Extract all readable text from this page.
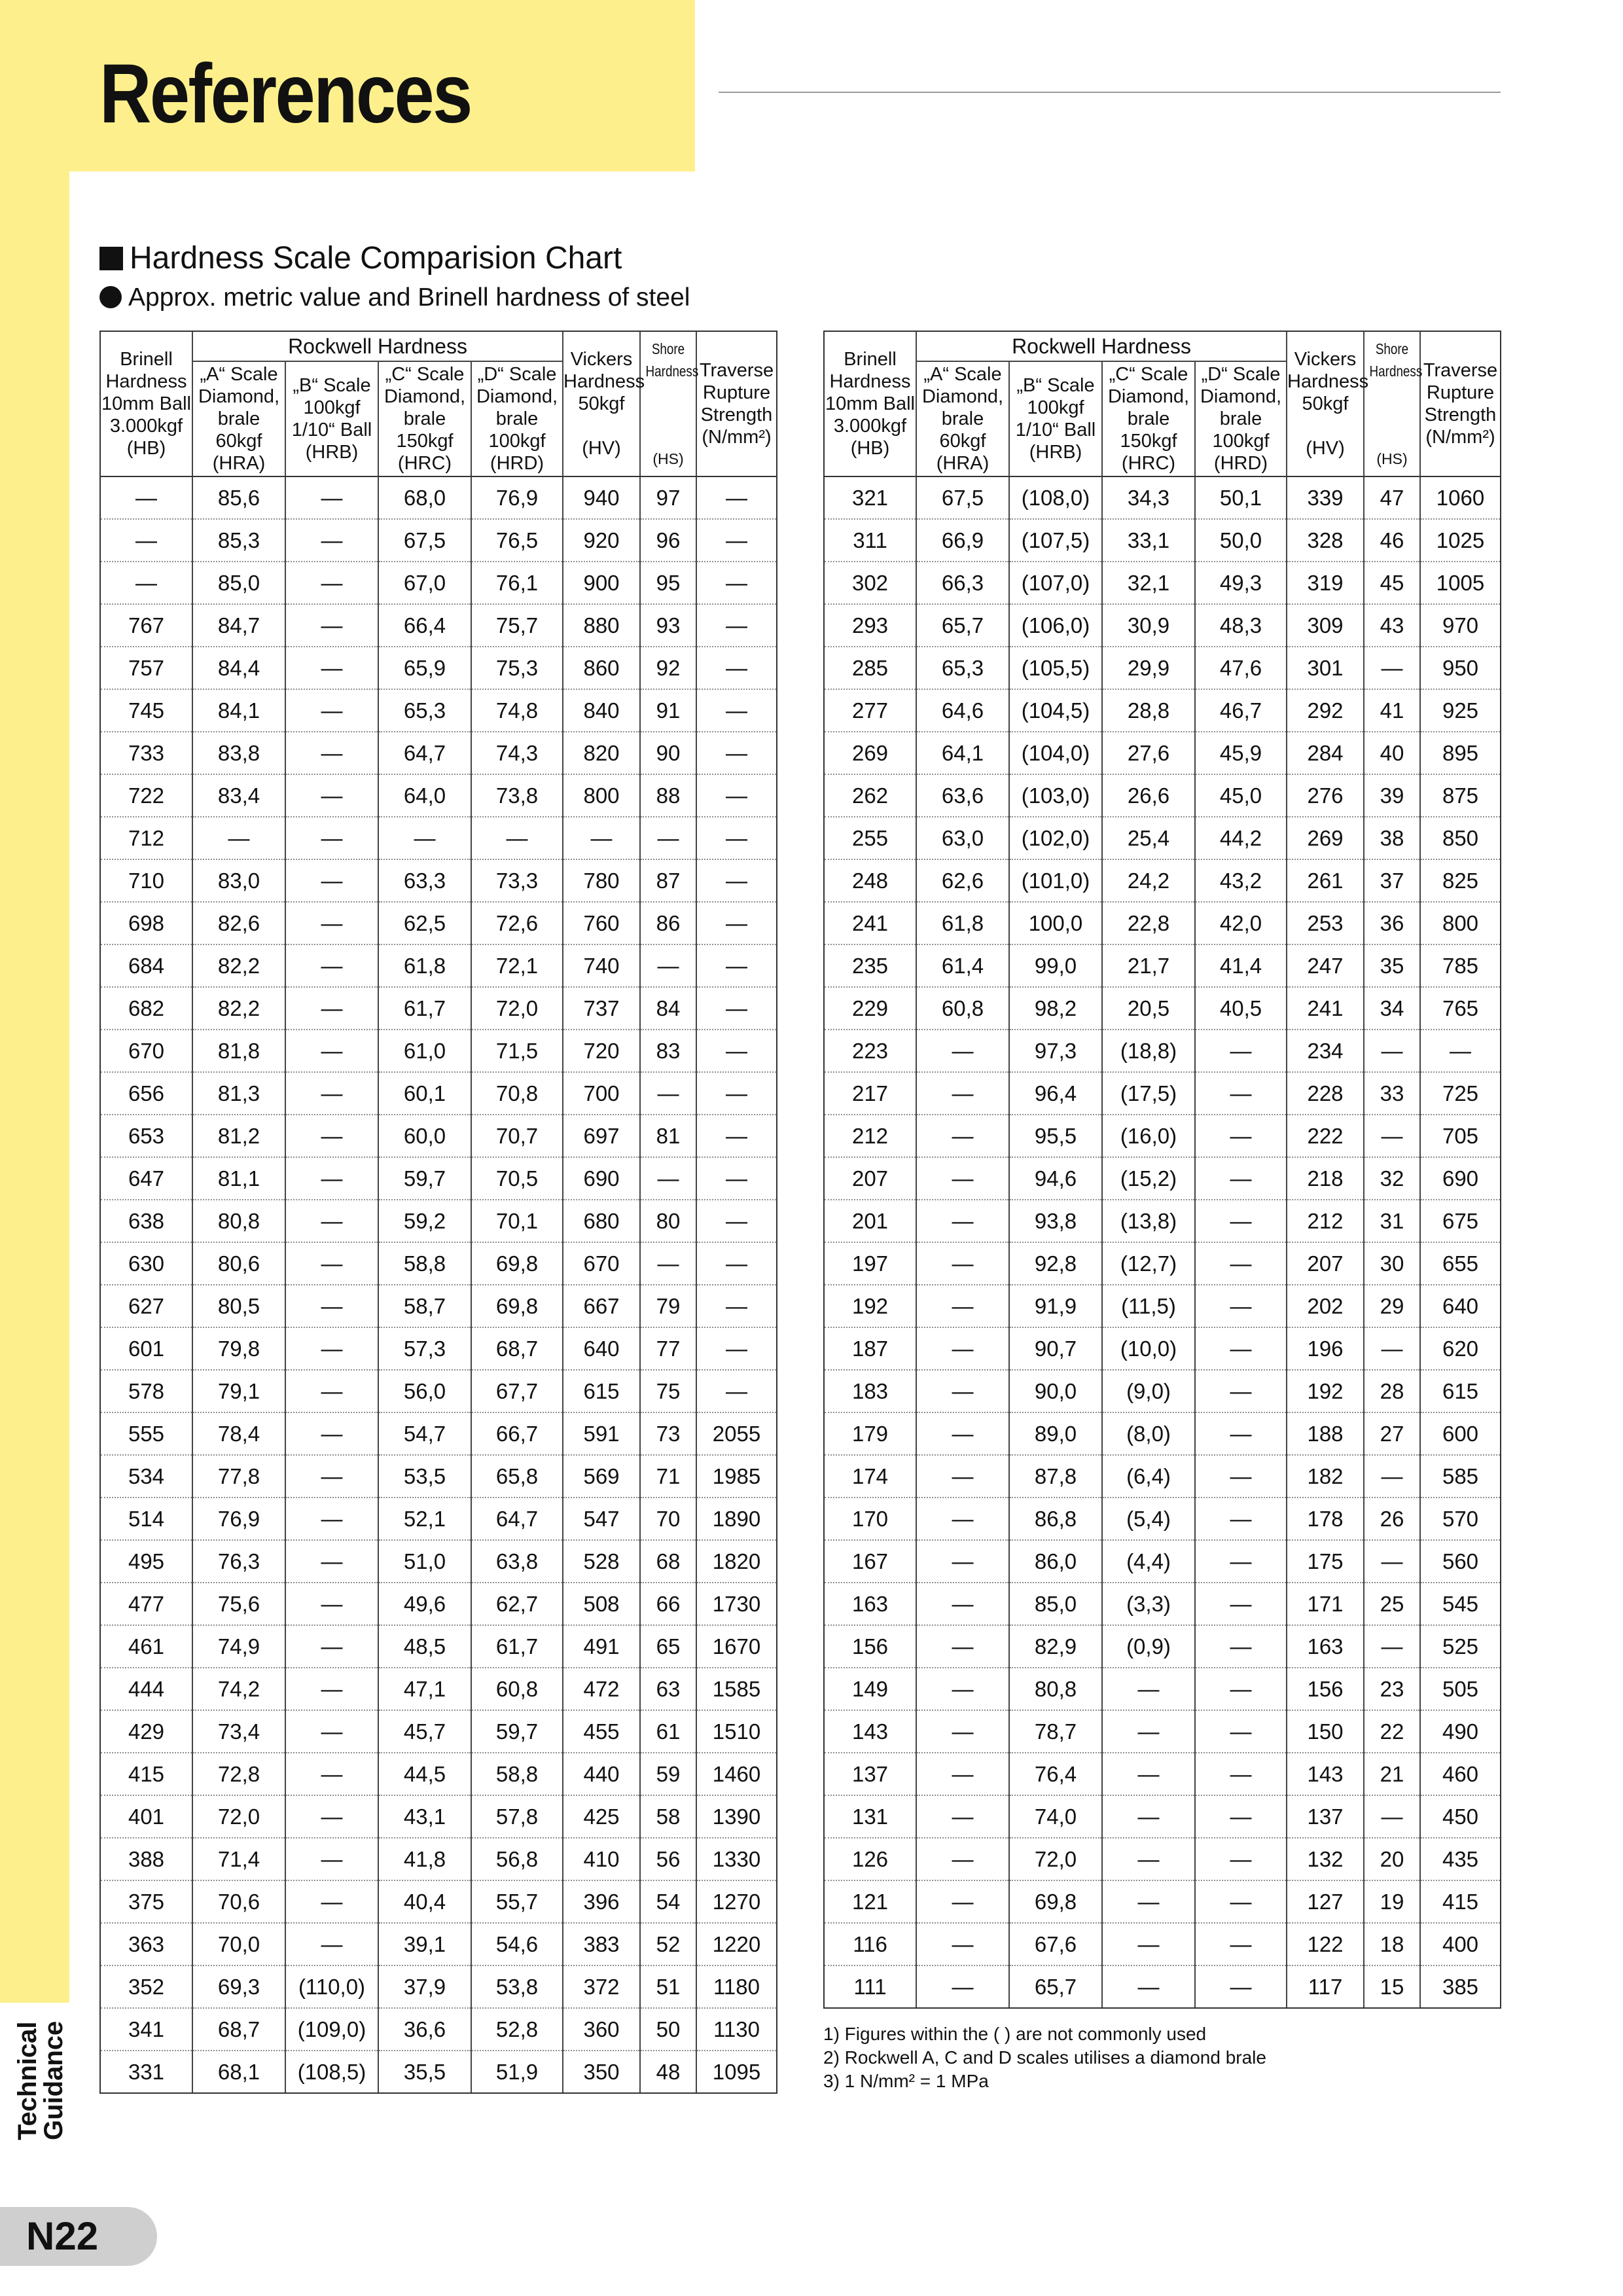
References
Hardness Scale Comparision Chart
Approx. metric value and Brinell hardness of steel
Brinell
Hardness
10mm Ball
3.000kgf
(HB)	Rockwell Hardness				Vickers
Hardness
50kgf
(HV)	Shore
Hardness
(HS)	Traverse
Rupture
Strength
(N/mm²)

	„A“ Scale
Diamond,
brale 60kgf
(HRA)	„B“ Scale
100kgf
1/10“ Ball
(HRB)	„C“ Scale
Diamond,
brale 150kgf
(HRC)	„D“ Scale
Diamond,
brale 100kgf
(HRD)			

—	85,6	—	68,0	76,9	940	97	—
—	85,3	—	67,5	76,5	920	96	—
—	85,0	—	67,0	76,1	900	95	—
767	84,7	—	66,4	75,7	880	93	—
757	84,4	—	65,9	75,3	860	92	—
745	84,1	—	65,3	74,8	840	91	—
733	83,8	—	64,7	74,3	820	90	—
722	83,4	—	64,0	73,8	800	88	—
712	—	—	—	—	—	—	—
710	83,0	—	63,3	73,3	780	87	—
698	82,6	—	62,5	72,6	760	86	—
684	82,2	—	61,8	72,1	740	—	—
682	82,2	—	61,7	72,0	737	84	—
670	81,8	—	61,0	71,5	720	83	—
656	81,3	—	60,1	70,8	700	—	—
653	81,2	—	60,0	70,7	697	81	—
647	81,1	—	59,7	70,5	690	—	—
638	80,8	—	59,2	70,1	680	80	—
630	80,6	—	58,8	69,8	670	—	—
627	80,5	—	58,7	69,8	667	79	—
601	79,8	—	57,3	68,7	640	77	—
578	79,1	—	56,0	67,7	615	75	—
555	78,4	—	54,7	66,7	591	73	2055
534	77,8	—	53,5	65,8	569	71	1985
514	76,9	—	52,1	64,7	547	70	1890
495	76,3	—	51,0	63,8	528	68	1820
477	75,6	—	49,6	62,7	508	66	1730
461	74,9	—	48,5	61,7	491	65	1670
444	74,2	—	47,1	60,8	472	63	1585
429	73,4	—	45,7	59,7	455	61	1510
415	72,8	—	44,5	58,8	440	59	1460
401	72,0	—	43,1	57,8	425	58	1390
388	71,4	—	41,8	56,8	410	56	1330
375	70,6	—	40,4	55,7	396	54	1270
363	70,0	—	39,1	54,6	383	52	1220
352	69,3	(110,0)	37,9	53,8	372	51	1180
341	68,7	(109,0)	36,6	52,8	360	50	1130
331	68,1	(108,5)	35,5	51,9	350	48	1095
Brinell
Hardness
10mm Ball
3.000kgf
(HB)	Rockwell Hardness				Vickers
Hardness
50kgf
(HV)	Shore
Hardness
(HS)	Traverse
Rupture
Strength
(N/mm²)

	„A“ Scale
Diamond,
brale 60kgf
(HRA)	„B“ Scale
100kgf
1/10“ Ball
(HRB)	„C“ Scale
Diamond,
brale 150kgf
(HRC)	„D“ Scale
Diamond,
brale 100kgf
(HRD)			

321	67,5	(108,0)	34,3	50,1	339	47	1060
311	66,9	(107,5)	33,1	50,0	328	46	1025
302	66,3	(107,0)	32,1	49,3	319	45	1005
293	65,7	(106,0)	30,9	48,3	309	43	970
285	65,3	(105,5)	29,9	47,6	301	—	950
277	64,6	(104,5)	28,8	46,7	292	41	925
269	64,1	(104,0)	27,6	45,9	284	40	895
262	63,6	(103,0)	26,6	45,0	276	39	875
255	63,0	(102,0)	25,4	44,2	269	38	850
248	62,6	(101,0)	24,2	43,2	261	37	825
241	61,8	100,0	22,8	42,0	253	36	800
235	61,4	99,0	21,7	41,4	247	35	785
229	60,8	98,2	20,5	40,5	241	34	765
223	—	97,3	(18,8)	—	234	—	—
217	—	96,4	(17,5)	—	228	33	725
212	—	95,5	(16,0)	—	222	—	705
207	—	94,6	(15,2)	—	218	32	690
201	—	93,8	(13,8)	—	212	31	675
197	—	92,8	(12,7)	—	207	30	655
192	—	91,9	(11,5)	—	202	29	640
187	—	90,7	(10,0)	—	196	—	620
183	—	90,0	(9,0)	—	192	28	615
179	—	89,0	(8,0)	—	188	27	600
174	—	87,8	(6,4)	—	182	—	585
170	—	86,8	(5,4)	—	178	26	570
167	—	86,0	(4,4)	—	175	—	560
163	—	85,0	(3,3)	—	171	25	545
156	—	82,9	(0,9)	—	163	—	525
149	—	80,8	—	—	156	23	505
143	—	78,7	—	—	150	22	490
137	—	76,4	—	—	143	21	460
131	—	74,0	—	—	137	—	450
126	—	72,0	—	—	132	20	435
121	—	69,8	—	—	127	19	415
116	—	67,6	—	—	122	18	400
111	—	65,7	—	—	117	15	385
1) Figures within the ( ) are not commonly used
2) Rockwell A, C and D scales utilises a diamond brale
3) 1 N/mm² = 1 MPa
Technical
Guidance
N22
